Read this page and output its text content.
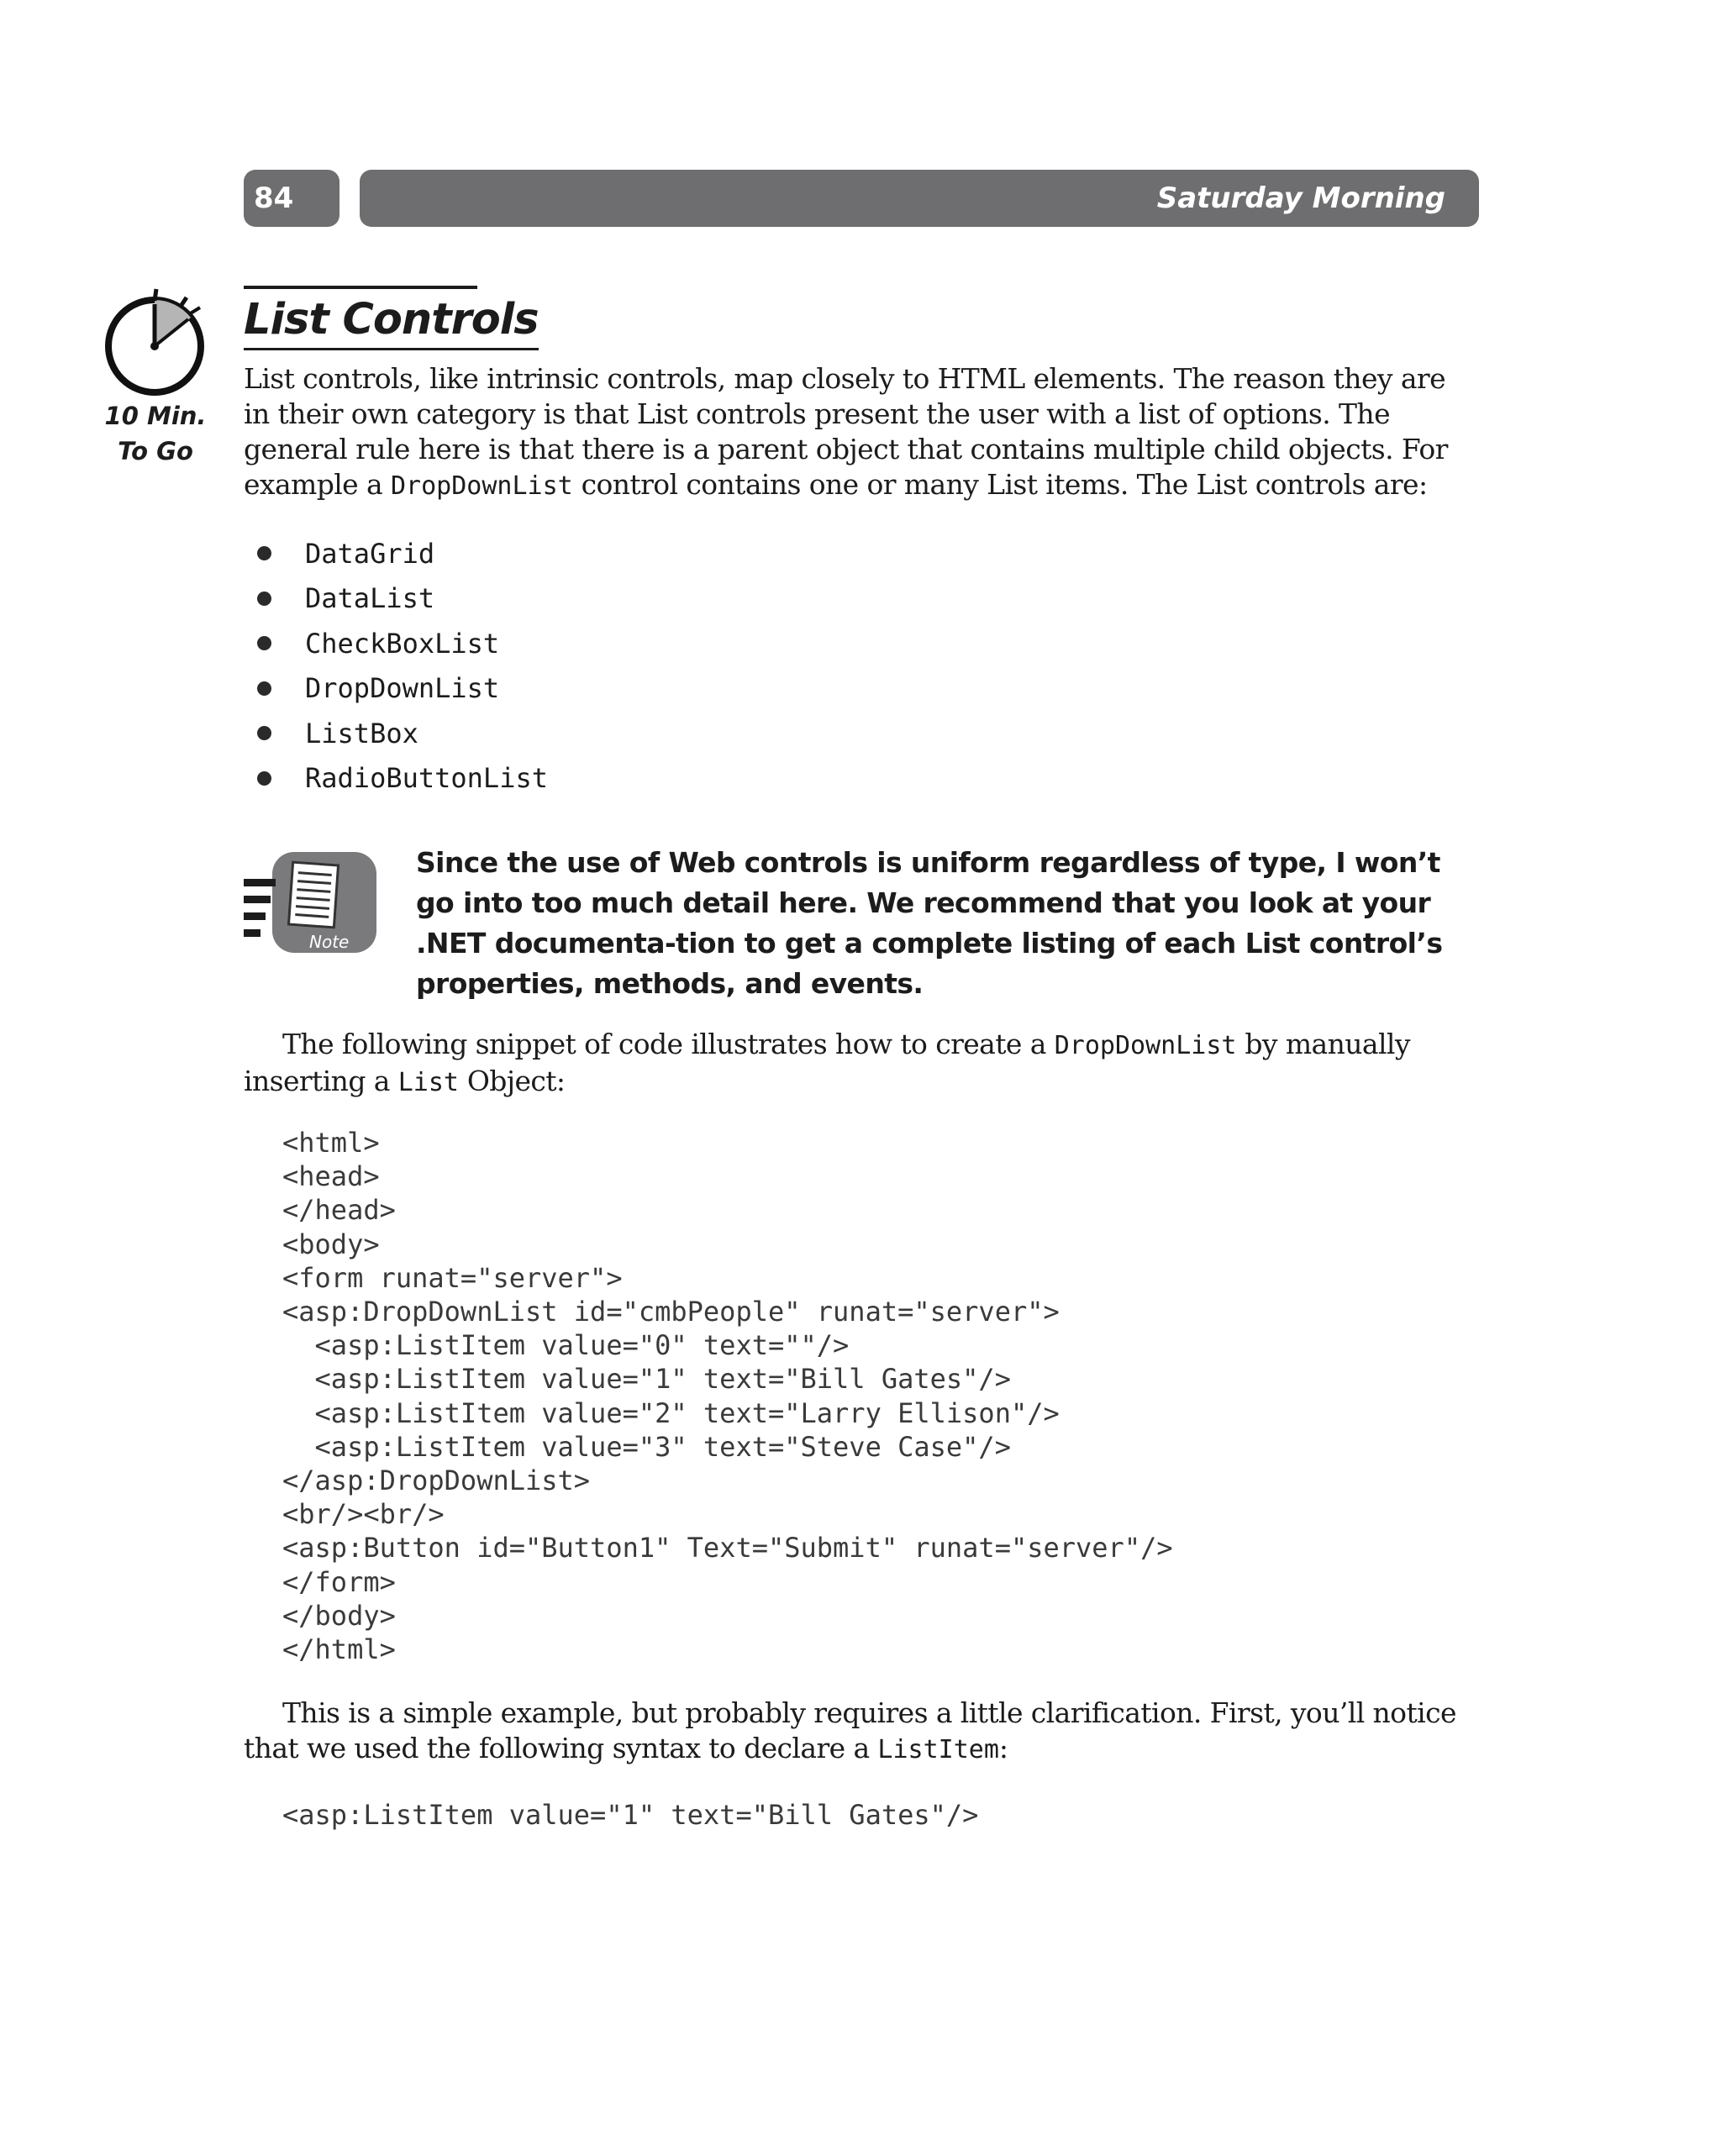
84	Saturday Morning
10 Min.
To Go
List Controls

List controls, like intrinsic controls, map closely to HTML elements. The reason they are in their own category is that List controls present the user with a list of options. The general rule here is that there is a parent object that contains multiple child objects. For example a DropDownList control contains one or many List items. The List controls are:

DataGrid
DataList
CheckBoxList
DropDownList
ListBox
RadioButtonList
Note

Since the use of Web controls is uniform regardless of type, I won’t go into too much detail here. We recommend that you look at your .NET documenta-tion to get a complete listing of each List control’s properties, methods, and events.

The following snippet of code illustrates how to create a DropDownList by manually inserting a List Object:

<html>
<head>
</head>
<body>
<form runat="server">
<asp:DropDownList id="cmbPeople" runat="server">
<asp:ListItem value="0" text=""/>
<asp:ListItem value="1" text="Bill Gates"/>
<asp:ListItem value="2" text="Larry Ellison"/>
<asp:ListItem value="3" text="Steve Case"/>
</asp:DropDownList>
<br/><br/>
<asp:Button id="Button1" Text="Submit" runat="server"/>
</form>
</body>
</html>

This is a simple example, but probably requires a little clarification. First, you’ll notice that we used the following syntax to declare a ListItem:

<asp:ListItem value="1" text="Bill Gates"/>
